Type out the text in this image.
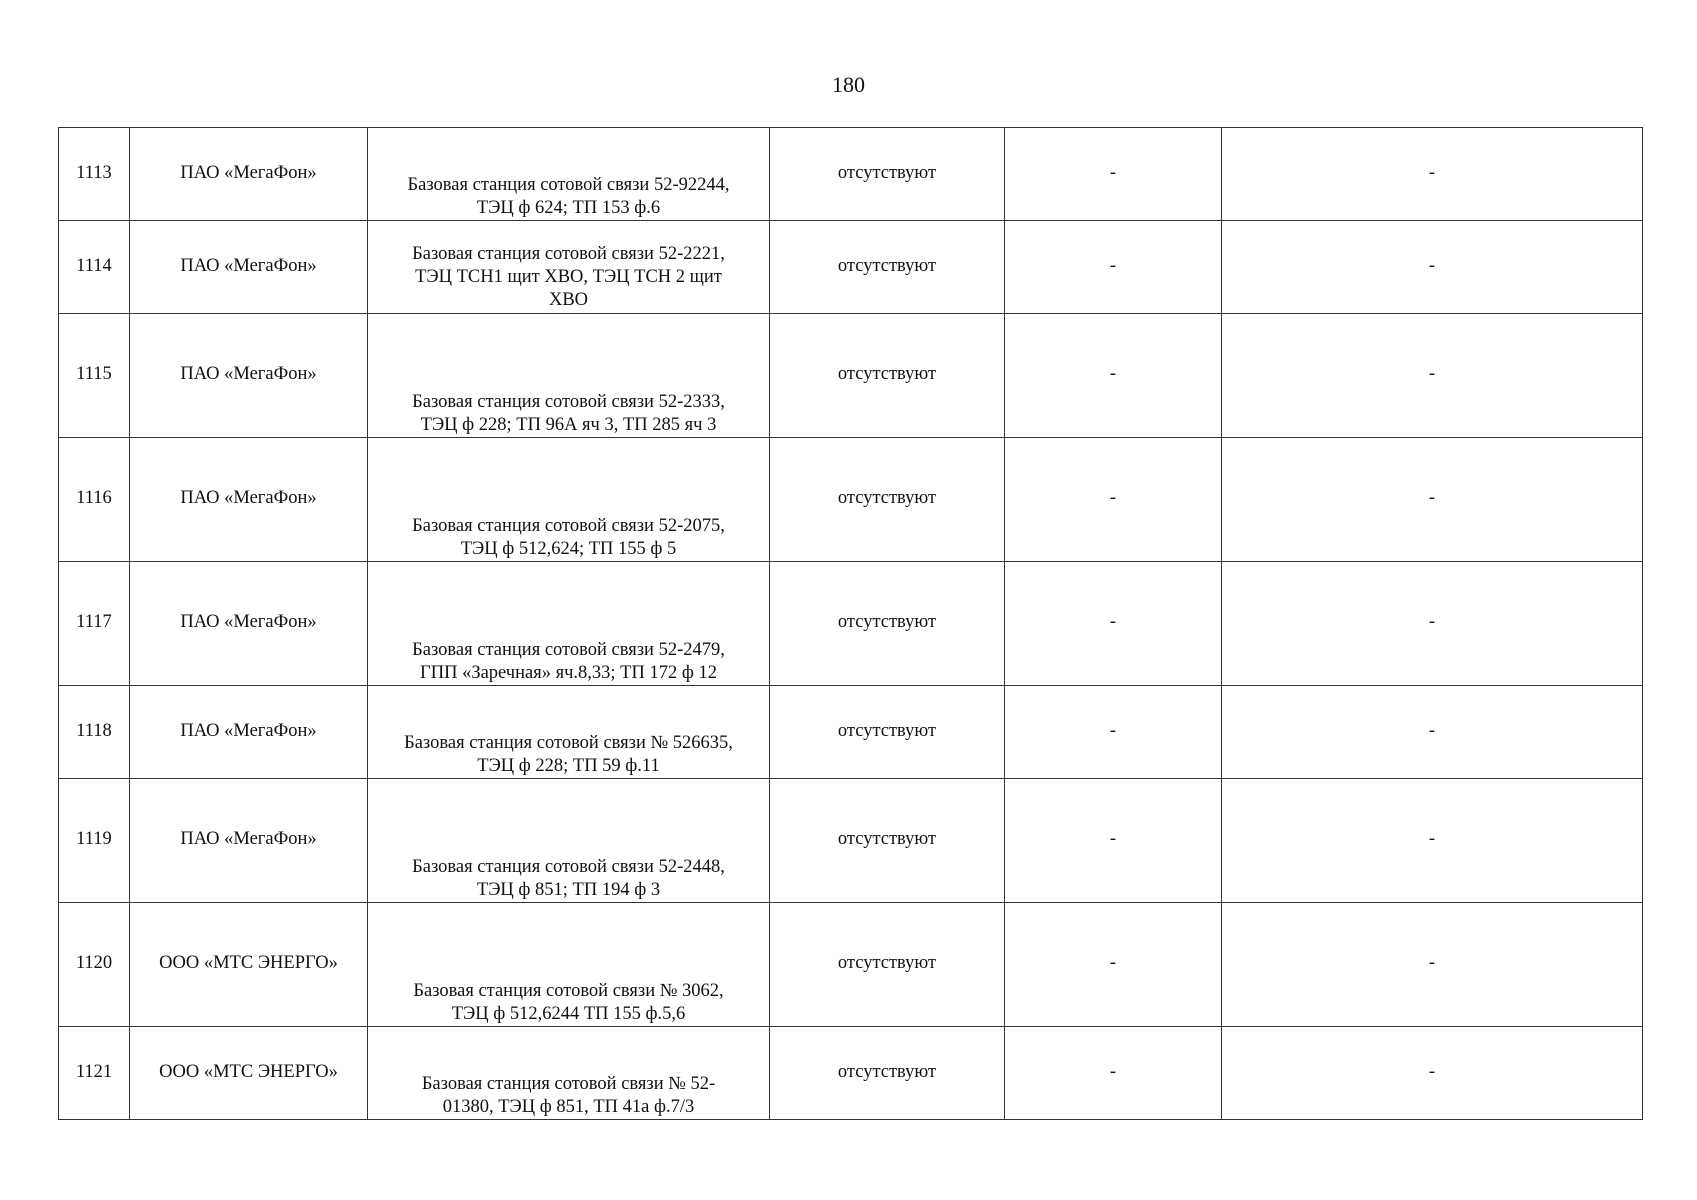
180
1113	ПАО «МегаФон»	Базовая станция сотовой связи 52-92244,
ТЭЦ ф 624; ТП 153 ф.6	отсутствуют	-	-

1114	ПАО «МегаФон»	Базовая станция сотовой связи 52-2221,
ТЭЦ ТСН1 щит ХВО, ТЭЦ ТСН 2 щит
ХВО	отсутствуют	-	-

1115	ПАО «МегаФон»	Базовая станция сотовой связи 52-2333,
ТЭЦ ф 228; ТП 96А яч 3, ТП 285 яч 3	отсутствуют	-	-

1116	ПАО «МегаФон»	Базовая станция сотовой связи 52-2075,
ТЭЦ ф 512,624; ТП 155 ф 5	отсутствуют	-	-

1117	ПАО «МегаФон»	Базовая станция сотовой связи 52-2479,
ГПП «Заречная» яч.8,33; ТП 172 ф 12	отсутствуют	-	-

1118	ПАО «МегаФон»	Базовая станция сотовой связи № 526635,
ТЭЦ ф 228; ТП 59 ф.11	отсутствуют	-	-

1119	ПАО «МегаФон»	Базовая станция сотовой связи 52-2448,
ТЭЦ ф 851; ТП 194 ф 3	отсутствуют	-	-

1120	ООО «МТС ЭНЕРГО»	Базовая станция сотовой связи № 3062,
ТЭЦ ф 512,6244 ТП 155 ф.5,6	отсутствуют	-	-

1121	ООО «МТС ЭНЕРГО»	Базовая станция сотовой связи № 52-
01380, ТЭЦ ф 851, ТП 41а ф.7/3	отсутствуют	-	-
